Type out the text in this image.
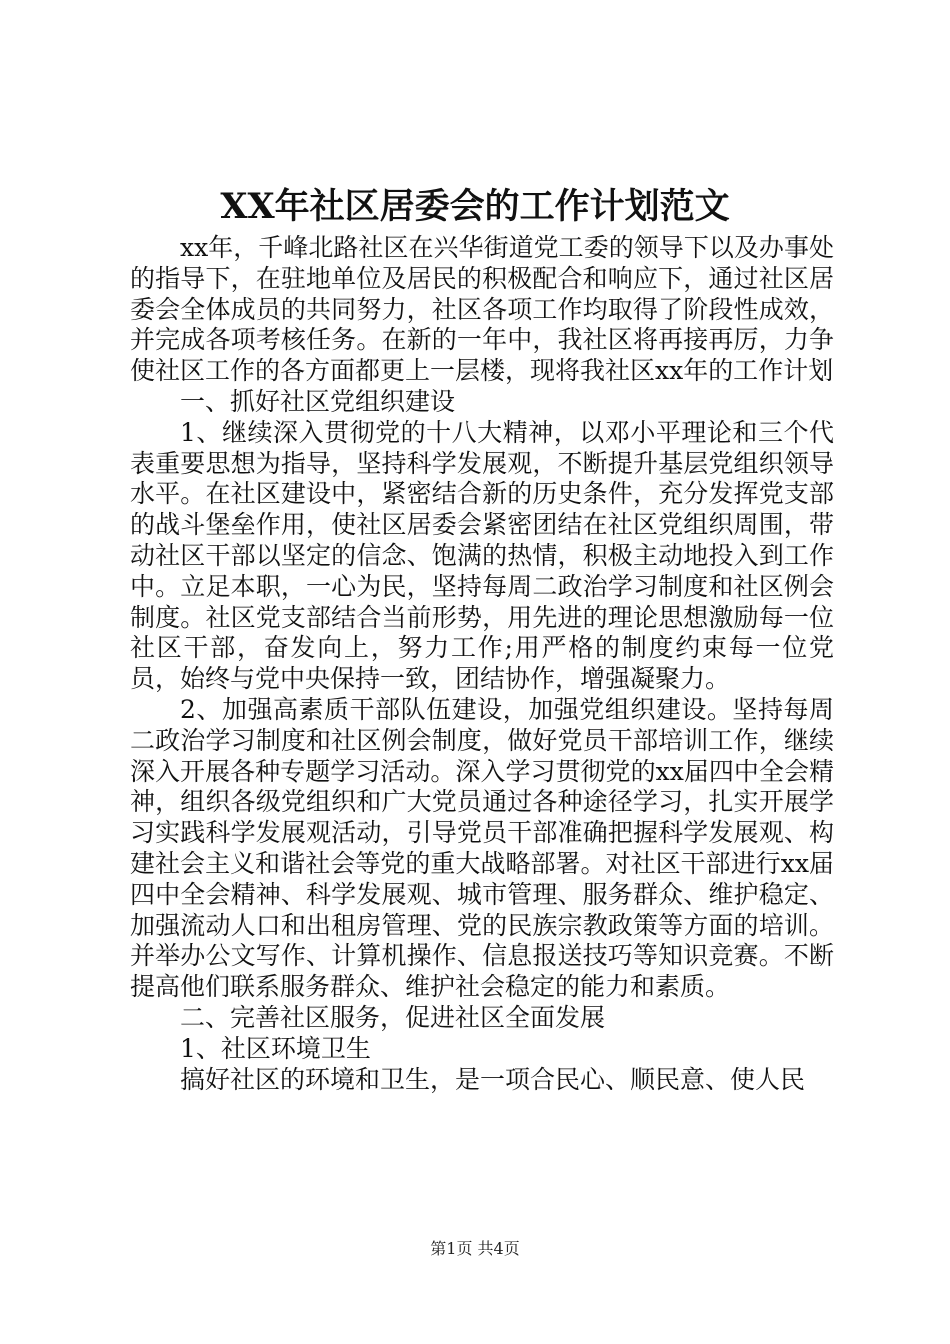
XX年社区居委会的工作计划范文

xx年，千峰北路社区在兴华街道党工委的领导下以及办事处的指导下，在驻地单位及居民的积极配合和响应下，通过社区居委会全体成员的共同努力，社区各项工作均取得了阶段性成效，并完成各项考核任务。在新的一年中，我社区将再接再厉，力争使社区工作的各方面都更上一层楼，现将我社区xx年的工作计划

一、抓好社区党组织建设

1、继续深入贯彻党的十八大精神，以邓小平理论和三个代表重要思想为指导，坚持科学发展观，不断提升基层党组织领导水平。在社区建设中，紧密结合新的历史条件，充分发挥党支部的战斗堡垒作用，使社区居委会紧密团结在社区党组织周围，带动社区干部以坚定的信念、饱满的热情，积极主动地投入到工作中。立足本职，一心为民，坚持每周二政治学习制度和社区例会制度。社区党支部结合当前形势，用先进的理论思想激励每一位社区干部，奋发向上，努力工作;用严格的制度约束每一位党员，始终与党中央保持一致，团结协作，增强凝聚力。

2、加强高素质干部队伍建设，加强党组织建设。坚持每周二政治学习制度和社区例会制度，做好党员干部培训工作，继续深入开展各种专题学习活动。深入学习贯彻党的xx届四中全会精神，组织各级党组织和广大党员通过各种途径学习，扎实开展学习实践科学发展观活动，引导党员干部准确把握科学发展观、构建社会主义和谐社会等党的重大战略部署。对社区干部进行xx届四中全会精神、科学发展观、城市管理、服务群众、维护稳定、加强流动人口和出租房管理、党的民族宗教政策等方面的培训。并举办公文写作、计算机操作、信息报送技巧等知识竞赛。不断提高他们联系服务群众、维护社会稳定的能力和素质。

二、完善社区服务，促进社区全面发展

1、社区环境卫生

搞好社区的环境和卫生，是一项合民心、顺民意、使人民

第1页 共4页
